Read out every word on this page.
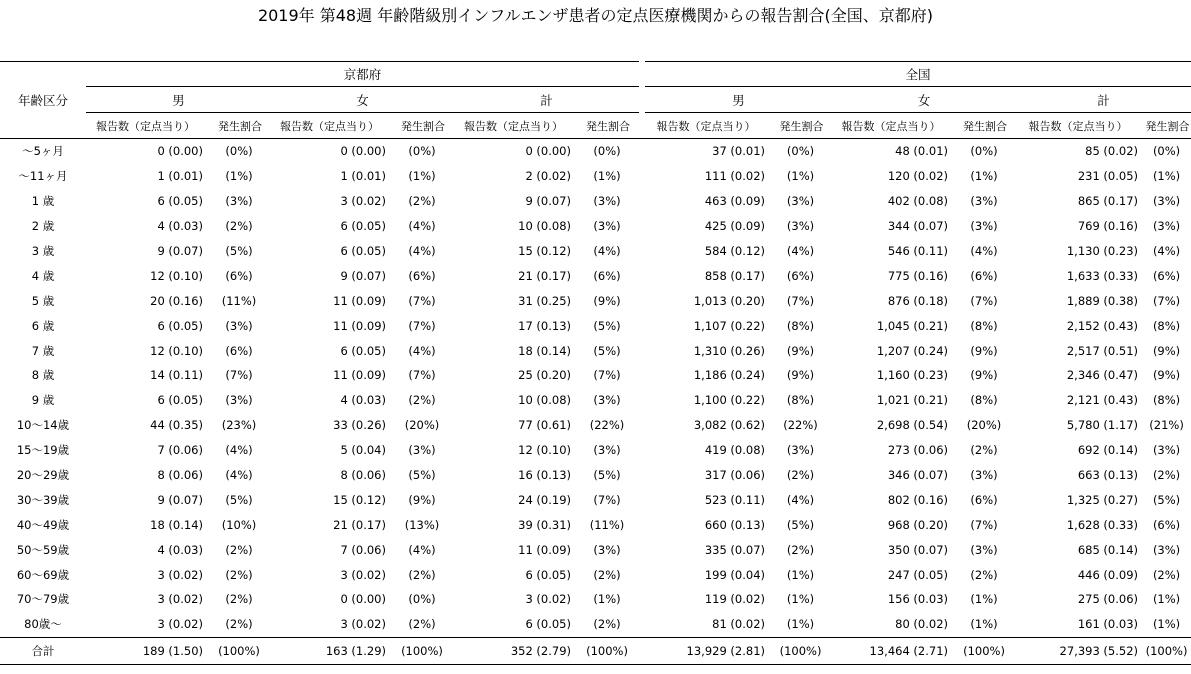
2019年 第48週 年齢階級別インフルエンザ患者の定点医療機関からの報告割合(全国、京都府)
	京都府							全国					
年齢区分	男		女		計			男		女		計	
	報告数（定点当り）	発生割合	報告数（定点当り）	発生割合	報告数（定点当り）	発生割合		報告数（定点当り）	発生割合	報告数（定点当り）	発生割合	報告数（定点当り）	発生割合
〜5ヶ月	0 (0.00)	(0%)	0 (0.00)	(0%)	0 (0.00)	(0%)		37 (0.01)	(0%)	48 (0.01)	(0%)	85 (0.02)	(0%)
〜11ヶ月	1 (0.01)	(1%)	1 (0.01)	(1%)	2 (0.02)	(1%)		111 (0.02)	(1%)	120 (0.02)	(1%)	231 (0.05)	(1%)
1 歳	6 (0.05)	(3%)	3 (0.02)	(2%)	9 (0.07)	(3%)		463 (0.09)	(3%)	402 (0.08)	(3%)	865 (0.17)	(3%)
2 歳	4 (0.03)	(2%)	6 (0.05)	(4%)	10 (0.08)	(3%)		425 (0.09)	(3%)	344 (0.07)	(3%)	769 (0.16)	(3%)
3 歳	9 (0.07)	(5%)	6 (0.05)	(4%)	15 (0.12)	(4%)		584 (0.12)	(4%)	546 (0.11)	(4%)	1,130 (0.23)	(4%)
4 歳	12 (0.10)	(6%)	9 (0.07)	(6%)	21 (0.17)	(6%)		858 (0.17)	(6%)	775 (0.16)	(6%)	1,633 (0.33)	(6%)
5 歳	20 (0.16)	(11%)	11 (0.09)	(7%)	31 (0.25)	(9%)		1,013 (0.20)	(7%)	876 (0.18)	(7%)	1,889 (0.38)	(7%)
6 歳	6 (0.05)	(3%)	11 (0.09)	(7%)	17 (0.13)	(5%)		1,107 (0.22)	(8%)	1,045 (0.21)	(8%)	2,152 (0.43)	(8%)
7 歳	12 (0.10)	(6%)	6 (0.05)	(4%)	18 (0.14)	(5%)		1,310 (0.26)	(9%)	1,207 (0.24)	(9%)	2,517 (0.51)	(9%)
8 歳	14 (0.11)	(7%)	11 (0.09)	(7%)	25 (0.20)	(7%)		1,186 (0.24)	(9%)	1,160 (0.23)	(9%)	2,346 (0.47)	(9%)
9 歳	6 (0.05)	(3%)	4 (0.03)	(2%)	10 (0.08)	(3%)		1,100 (0.22)	(8%)	1,021 (0.21)	(8%)	2,121 (0.43)	(8%)
10〜14歳	44 (0.35)	(23%)	33 (0.26)	(20%)	77 (0.61)	(22%)		3,082 (0.62)	(22%)	2,698 (0.54)	(20%)	5,780 (1.17)	(21%)
15〜19歳	7 (0.06)	(4%)	5 (0.04)	(3%)	12 (0.10)	(3%)		419 (0.08)	(3%)	273 (0.06)	(2%)	692 (0.14)	(3%)
20〜29歳	8 (0.06)	(4%)	8 (0.06)	(5%)	16 (0.13)	(5%)		317 (0.06)	(2%)	346 (0.07)	(3%)	663 (0.13)	(2%)
30〜39歳	9 (0.07)	(5%)	15 (0.12)	(9%)	24 (0.19)	(7%)		523 (0.11)	(4%)	802 (0.16)	(6%)	1,325 (0.27)	(5%)
40〜49歳	18 (0.14)	(10%)	21 (0.17)	(13%)	39 (0.31)	(11%)		660 (0.13)	(5%)	968 (0.20)	(7%)	1,628 (0.33)	(6%)
50〜59歳	4 (0.03)	(2%)	7 (0.06)	(4%)	11 (0.09)	(3%)		335 (0.07)	(2%)	350 (0.07)	(3%)	685 (0.14)	(3%)
60〜69歳	3 (0.02)	(2%)	3 (0.02)	(2%)	6 (0.05)	(2%)		199 (0.04)	(1%)	247 (0.05)	(2%)	446 (0.09)	(2%)
70〜79歳	3 (0.02)	(2%)	0 (0.00)	(0%)	3 (0.02)	(1%)		119 (0.02)	(1%)	156 (0.03)	(1%)	275 (0.06)	(1%)
80歳〜	3 (0.02)	(2%)	3 (0.02)	(2%)	6 (0.05)	(2%)		81 (0.02)	(1%)	80 (0.02)	(1%)	161 (0.03)	(1%)
合計	189 (1.50)	(100%)	163 (1.29)	(100%)	352 (2.79)	(100%)		13,929 (2.81)	(100%)	13,464 (2.71)	(100%)	27,393 (5.52)	(100%)
